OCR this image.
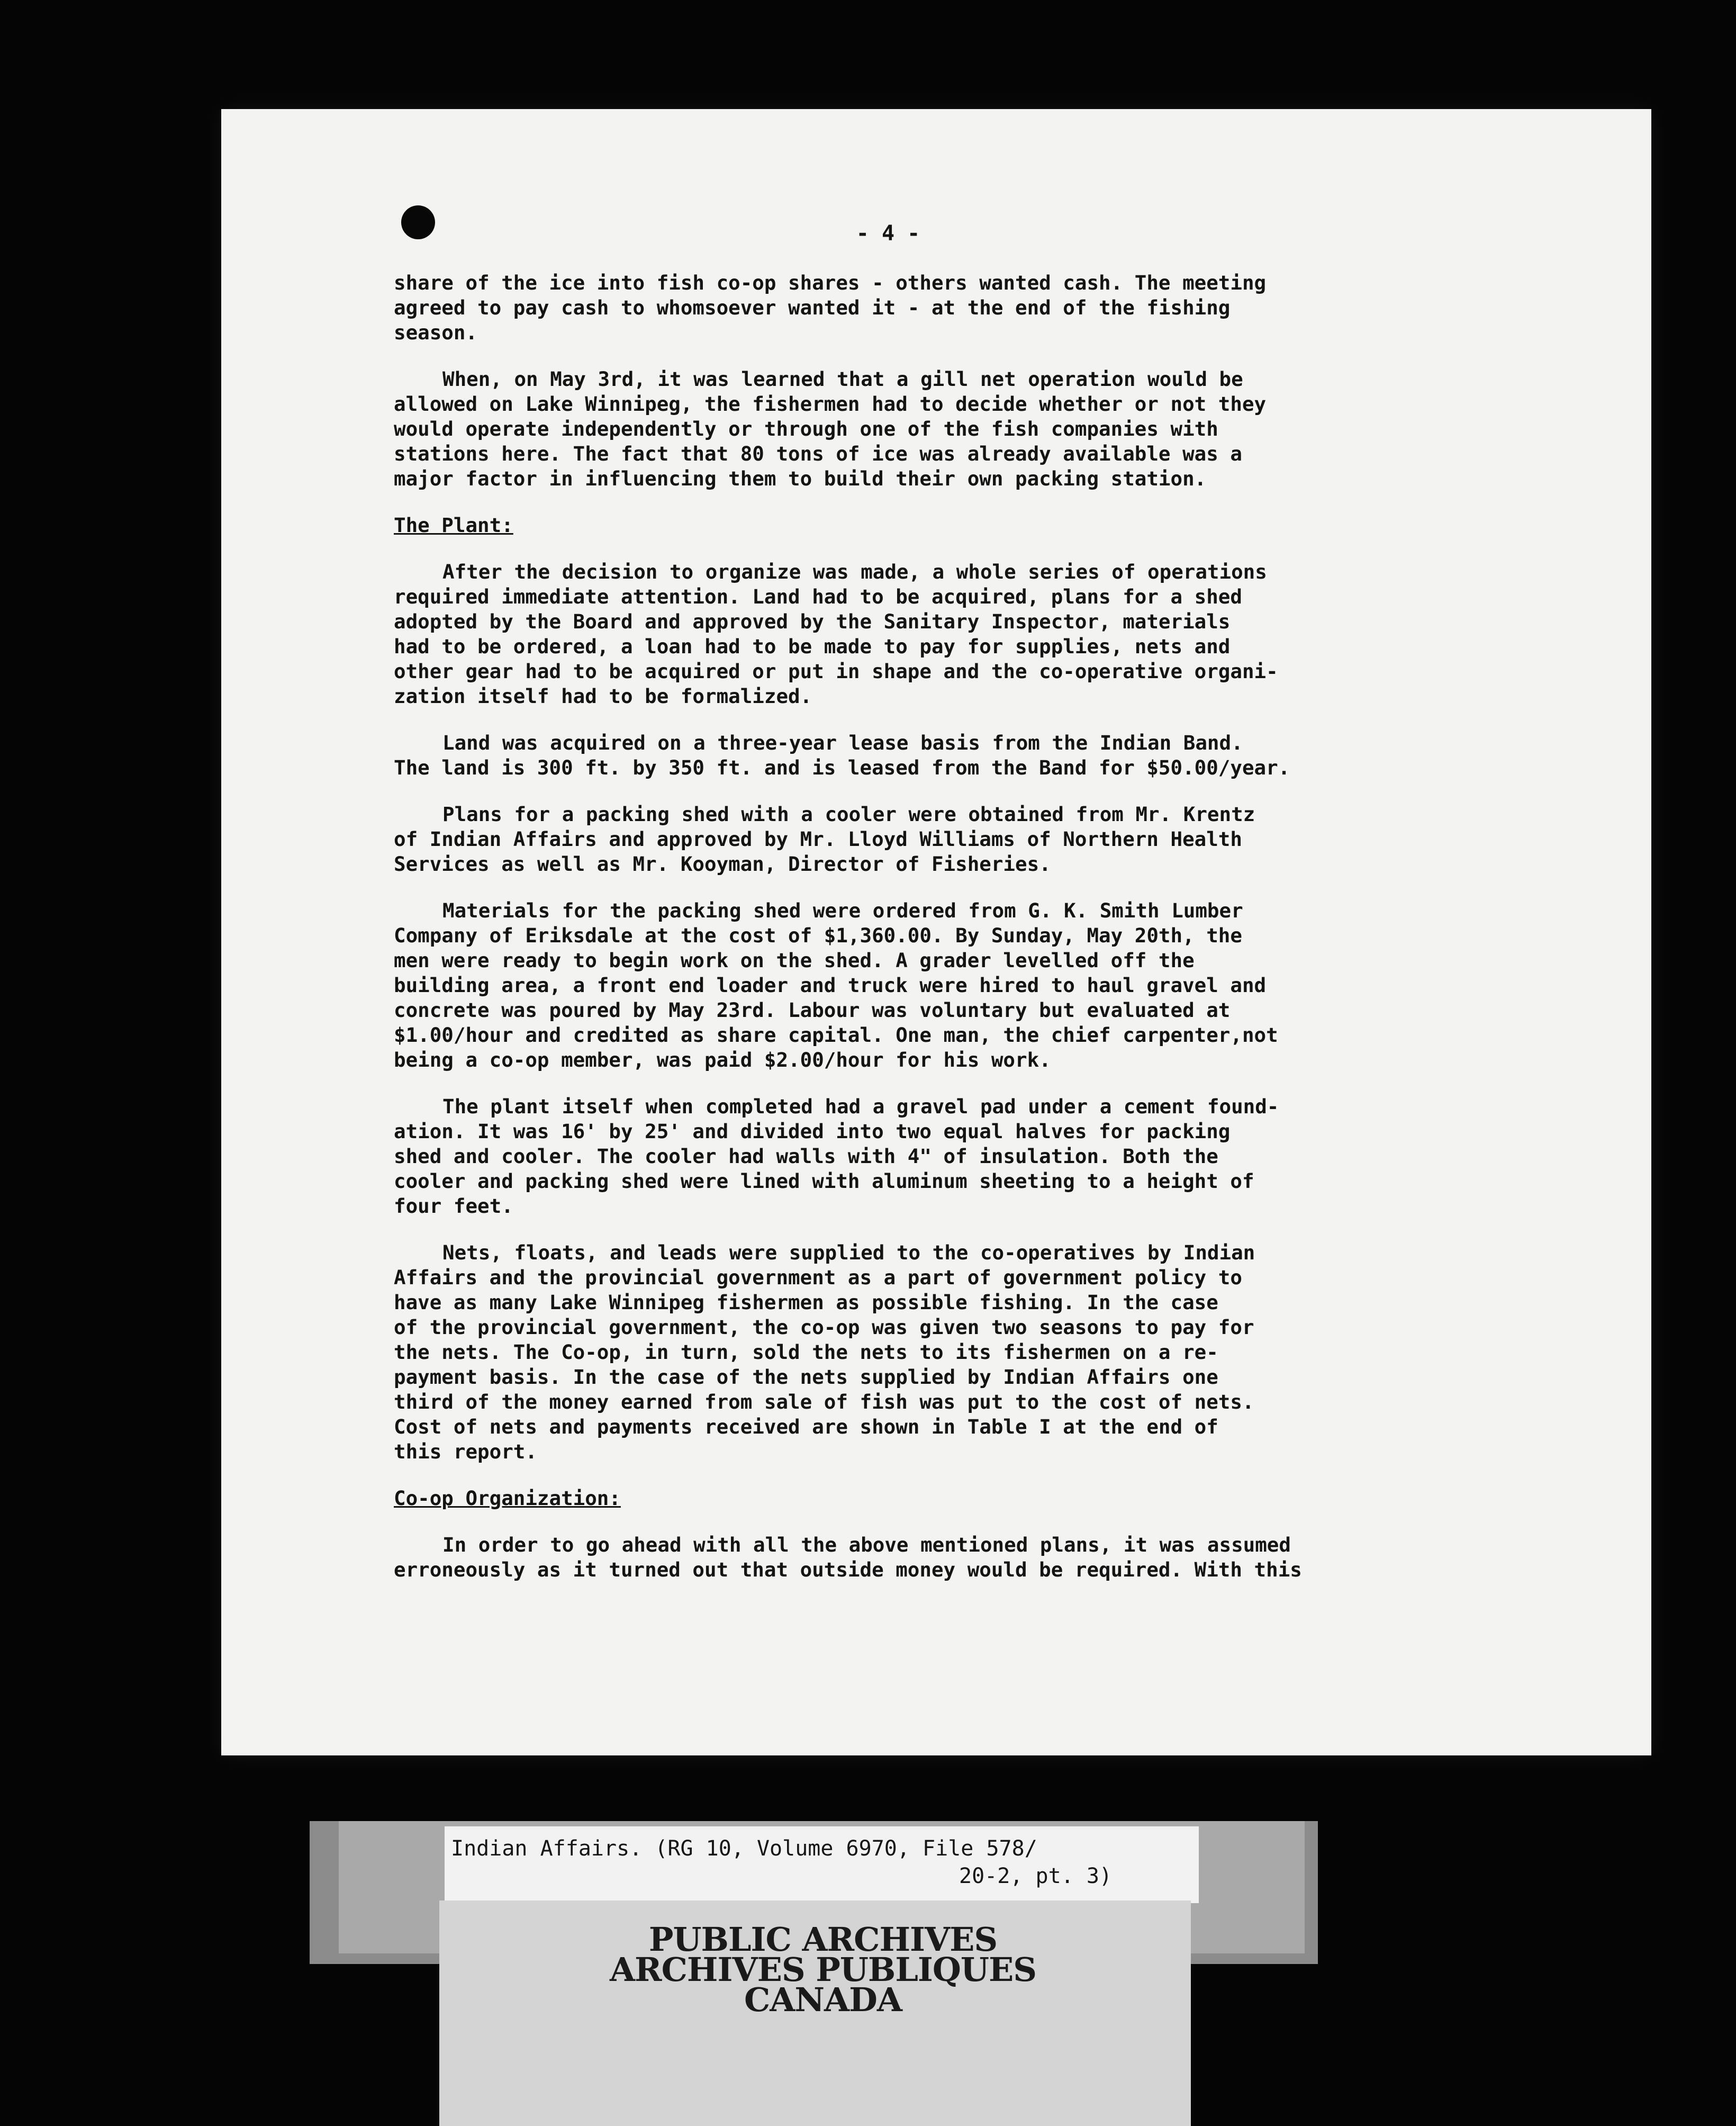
- 4 -
share of the ice into fish co-op shares - others wanted cash. The meeting
agreed to pay cash to whomsoever wanted it - at the end of the fishing
season.
When, on May 3rd, it was learned that a gill net operation would be
allowed on Lake Winnipeg, the fishermen had to decide whether or not they
would operate independently or through one of the fish companies with
stations here. The fact that 80 tons of ice was already available was a
major factor in influencing them to build their own packing station.
The Plant:
After the decision to organize was made, a whole series of operations
required immediate attention. Land had to be acquired, plans for a shed
adopted by the Board and approved by the Sanitary Inspector, materials
had to be ordered, a loan had to be made to pay for supplies, nets and
other gear had to be acquired or put in shape and the co-operative organi-
zation itself had to be formalized.
Land was acquired on a three-year lease basis from the Indian Band.
The land is 300 ft. by 350 ft. and is leased from the Band for $50.00/year.
Plans for a packing shed with a cooler were obtained from Mr. Krentz
of Indian Affairs and approved by Mr. Lloyd Williams of Northern Health
Services as well as Mr. Kooyman, Director of Fisheries.
Materials for the packing shed were ordered from G. K. Smith Lumber
Company of Eriksdale at the cost of $1,360.00. By Sunday, May 20th, the
men were ready to begin work on the shed. A grader levelled off the
building area, a front end loader and truck were hired to haul gravel and
concrete was poured by May 23rd. Labour was voluntary but evaluated at
$1.00/hour and credited as share capital. One man, the chief carpenter,not
being a co-op member, was paid $2.00/hour for his work.
The plant itself when completed had a gravel pad under a cement found-
ation. It was 16' by 25' and divided into two equal halves for packing
shed and cooler. The cooler had walls with 4" of insulation. Both the
cooler and packing shed were lined with aluminum sheeting to a height of
four feet.
Nets, floats, and leads were supplied to the co-operatives by Indian
Affairs and the provincial government as a part of government policy to
have as many Lake Winnipeg fishermen as possible fishing. In the case
of the provincial government, the co-op was given two seasons to pay for
the nets. The Co-op, in turn, sold the nets to its fishermen on a re-
payment basis. In the case of the nets supplied by Indian Affairs one
third of the money earned from sale of fish was put to the cost of nets.
Cost of nets and payments received are shown in Table I at the end of
this report.
Co-op Organization:
In order to go ahead with all the above mentioned plans, it was assumed
erroneously as it turned out that outside money would be required. With this
Indian Affairs. (RG 10, Volume 6970, File 578/
20-2, pt. 3)
PUBLIC ARCHIVES
ARCHIVES PUBLIQUES
CANADA
